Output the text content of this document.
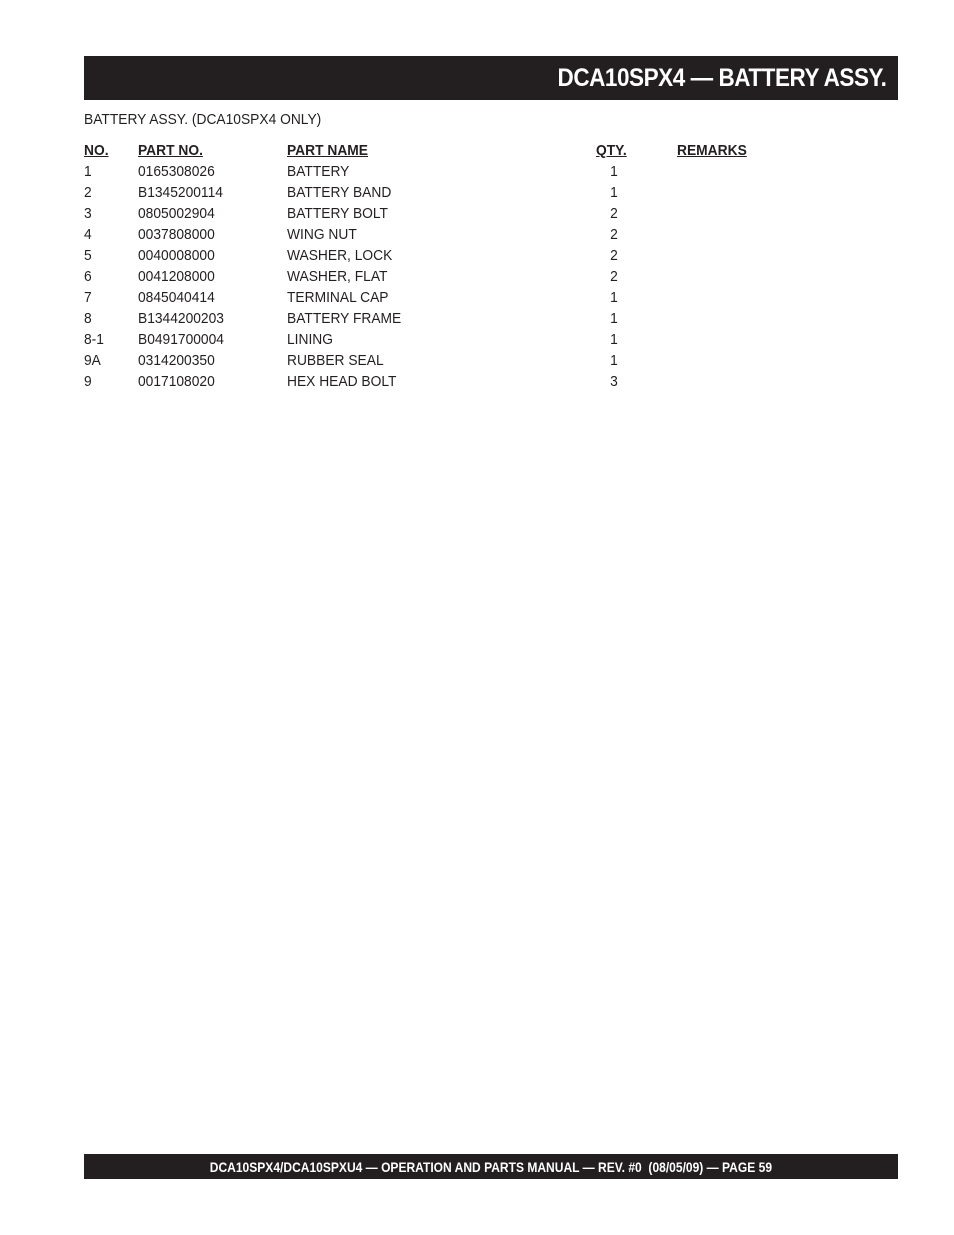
DCA10SPX4 — BATTERY ASSY.
BATTERY ASSY. (DCA10SPX4 ONLY)
NO. PART NO.	PART NAME	QTY.	REMARKS
1	0165308026	BATTERY	1
2	B1345200114	BATTERY BAND	1
3	0805002904	BATTERY BOLT	2
4	0037808000	WING NUT	2
5	0040008000	WASHER, LOCK	2
6	0041208000	WASHER, FLAT	2
7	0845040414	TERMINAL CAP	1
8	B1344200203	BATTERY FRAME	1
8-1 B0491700004	LINING	1
9A 0314200350	RUBBER SEAL	1
9	0017108020	HEX HEAD BOLT	3
DCA10SPX4/DCA10SPXU4 — OPERATION AND PARTS MANUAL — REV. #0  (08/05/09) — PAGE 59
